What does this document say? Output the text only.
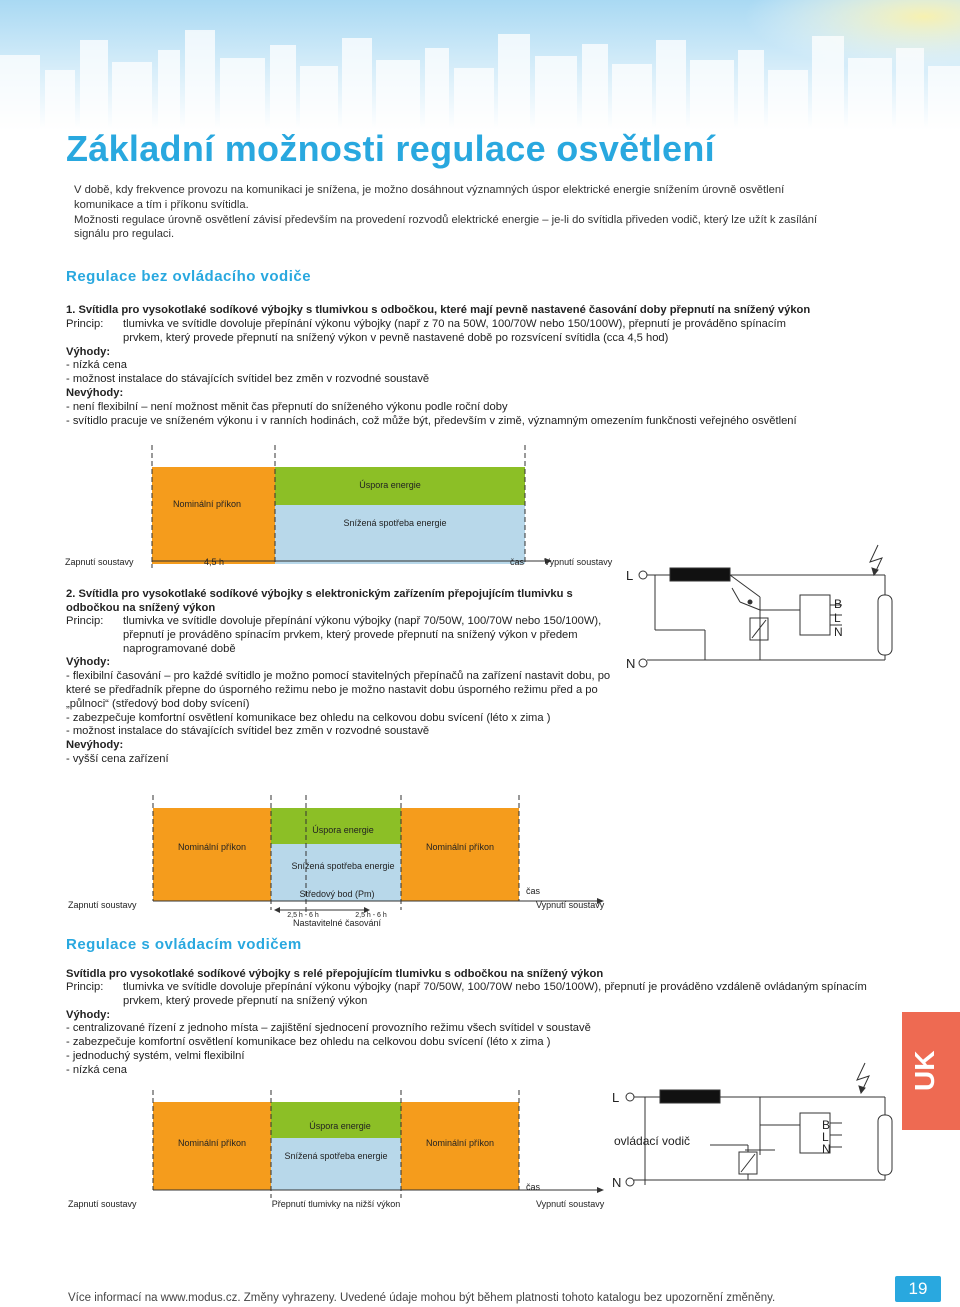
Základní možnosti regulace osvětlení
V době, kdy frekvence provozu na komunikaci je snížena, je možno dosáhnout významných úspor elektrické energie snížením úrovně osvětlení komunikace a tím i příkonu svítidla.
Možnosti regulace úrovně osvětlení závisí především na provedení rozvodů elektrické energie – je-li do svítidla přiveden vodič, který lze užít k zasílání signálu pro regulaci.
Regulace bez ovládacího vodiče
1. Svítidla pro vysokotlaké sodíkové výbojky s tlumivkou s odbočkou, které mají pevně nastavené časování doby přepnutí na snížený výkon
Princip:	tlumivka ve svítidle dovoluje přepínání výkonu výbojky (např z 70 na 50W, 100/70W nebo 150/100W), přepnutí je prováděno spínacím prvkem, který provede přepnutí na snížený výkon v pevně nastavené době po rozsvícení svítidla (cca 4,5 hod)
Výhody:
- nízká cena
- možnost instalace do stávajících svítidel bez změn v rozvodné soustavě
Nevýhody:
- není flexibilní – není možnost měnit čas přepnutí do sníženého výkonu podle roční doby
- svítidlo pracuje ve sníženém výkonu i v ranních hodinách, což může být, především v zimě, významným omezením funkčnosti veřejného osvětlení
Nominální příkon
Úspora energie
Snížená spotřeba energie
Zapnutí soustavy	4,5 h	čas Vypnutí soustavy
2. Svítidla pro vysokotlaké sodíkové výbojky s elektronickým zařízením přepojujícím tlumivku s odbočkou na snížený výkon
Princip:	tlumivka ve svítidle dovoluje přepínání výkonu výbojky (např 70/50W, 100/70W nebo 150/100W), přepnutí je prováděno spínacím prvkem, který provede přepnutí na snížený výkon v předem naprogramované době
Výhody:
- flexibilní časování – pro každé svítidlo je možno pomocí stavitelných přepínačů na zařízení nastavit dobu, po které se předřadník přepne do úsporného režimu nebo je možno nastavit dobu úsporného režimu před a po „půlnoci“ (středový bod doby svícení)
- zabezpečuje komfortní osvětlení komunikace bez ohledu na celkovou dobu svícení (léto x zima )
- možnost instalace do stávajících svítidel bez změn v rozvodné soustavě
Nevýhody:
- vyšší cena zařízení
L
N
B
L
N
Nominální příkon	Nominální příkon
Úspora energie
Snížená spotřeba energie
Zapnutí soustavy
Středový bod (Pm)
2,5 h - 6 h	2,5 h - 6 h
Nastavitelné časování
čas
Vypnutí soustavy
Regulace s ovládacím vodičem
Svítidla pro vysokotlaké sodíkové výbojky s relé přepojujícím tlumivku s odbočkou na snížený výkon
Princip:	tlumivka ve svítidle dovoluje přepínání výkonu výbojky (např 70/50W, 100/70W nebo 150/100W), přepnutí je prováděno vzdáleně ovládaným spínacím prvkem, který provede přepnutí na snížený výkon
Výhody:
- centralizované řízení z jednoho místa – zajištění sjednocení provozního režimu všech svítidel v soustavě
- zabezpečuje komfortní osvětlení komunikace bez ohledu na celkovou dobu svícení (léto x zima )
- jednoduchý systém, velmi flexibilní
- nízká cena
L
N
ovládací vodič
B
L
N
Nominální příkon	Nominální příkon
Úspora energie
Snížená spotřeba energie
Zapnutí soustavy	Přepnutí tlumivky na nižší výkon
čas
Vypnutí soustavy
UK
Více informací na www.modus.cz. Změny vyhrazeny. Uvedené údaje mohou být během platnosti tohoto katalogu bez upozornění změněny.	19
